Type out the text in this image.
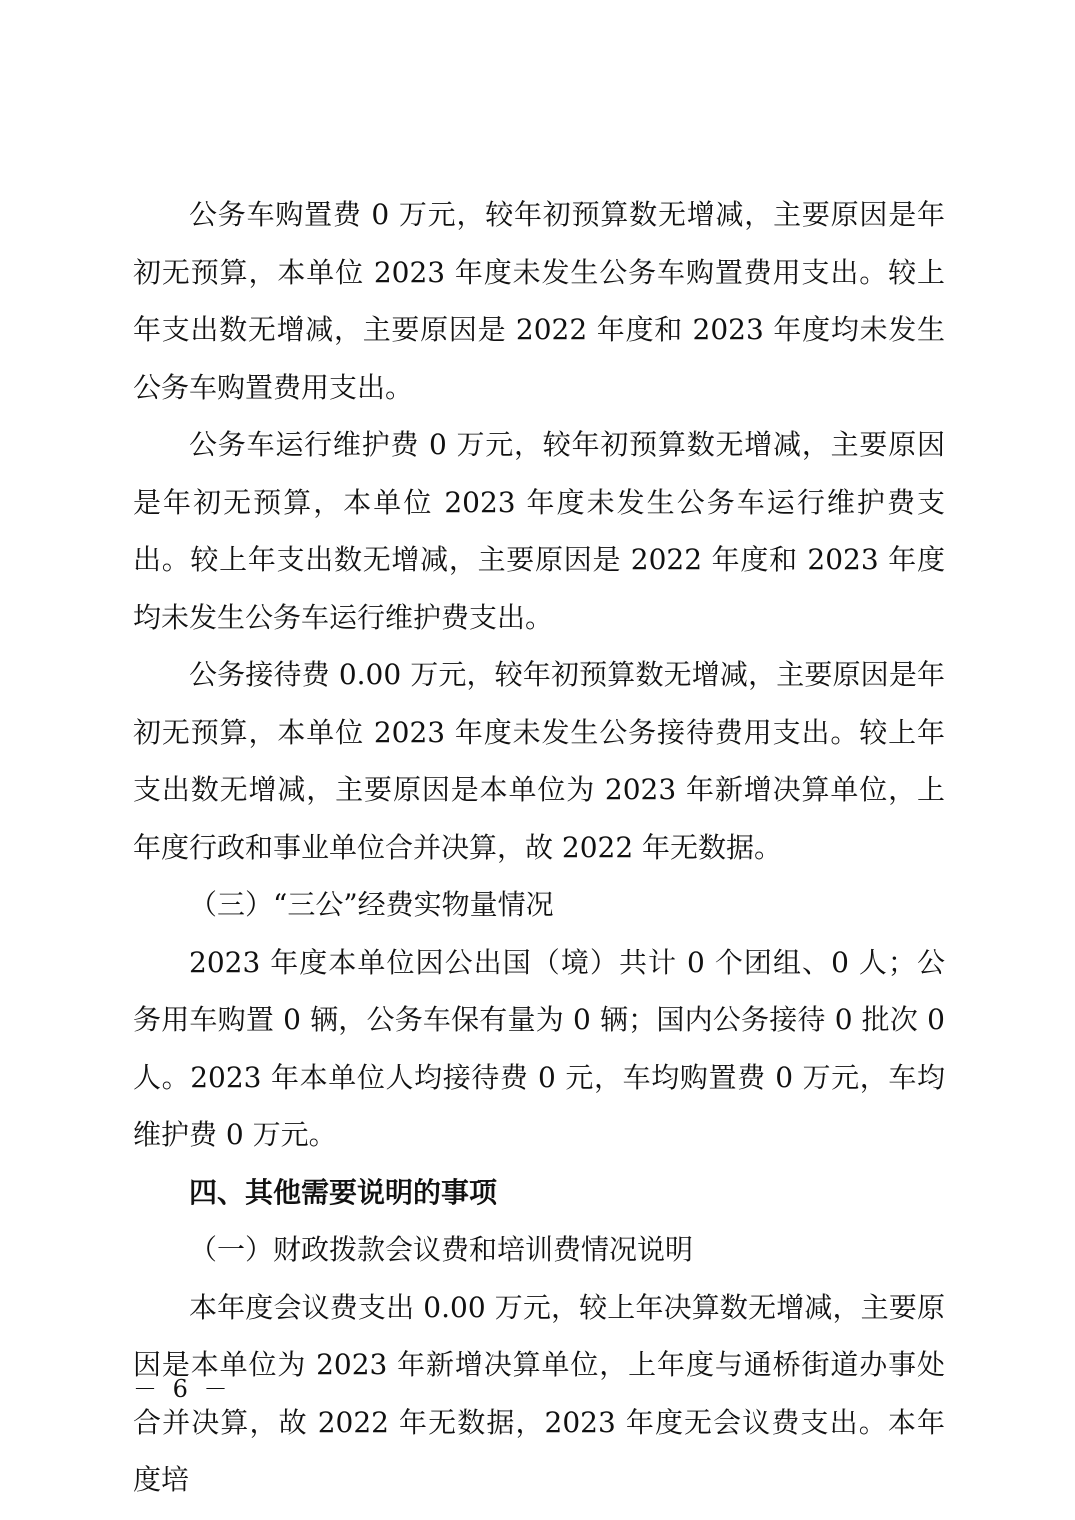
公务车购置费 0 万元，较年初预算数无增减，主要原因是年初无预算，本单位 2023 年度未发生公务车购置费用支出。较上年支出数无增减，主要原因是 2022 年度和 2023 年度均未发生公务车购置费用支出。

公务车运行维护费 0 万元，较年初预算数无增减，主要原因是年初无预算，本单位 2023 年度未发生公务车运行维护费支出。较上年支出数无增减，主要原因是 2022 年度和 2023 年度均未发生公务车运行维护费支出。

公务接待费 0.00 万元，较年初预算数无增减，主要原因是年初无预算，本单位 2023 年度未发生公务接待费用支出。较上年支出数无增减，主要原因是本单位为 2023 年新增决算单位，上年度行政和事业单位合并决算，故 2022 年无数据。

（三）“三公”经费实物量情况

2023 年度本单位因公出国（境）共计 0 个团组、0 人；公务用车购置 0 辆，公务车保有量为 0 辆；国内公务接待 0 批次 0 人。2023 年本单位人均接待费 0 元，车均购置费 0 万元，车均维护费 0 万元。

四、其他需要说明的事项

（一）财政拨款会议费和培训费情况说明

本年度会议费支出 0.00 万元，较上年决算数无增减，主要原因是本单位为 2023 年新增决算单位，上年度与通桥街道办事处合并决算，故 2022 年无数据，2023 年度无会议费支出。本年度培

－ 6 －
